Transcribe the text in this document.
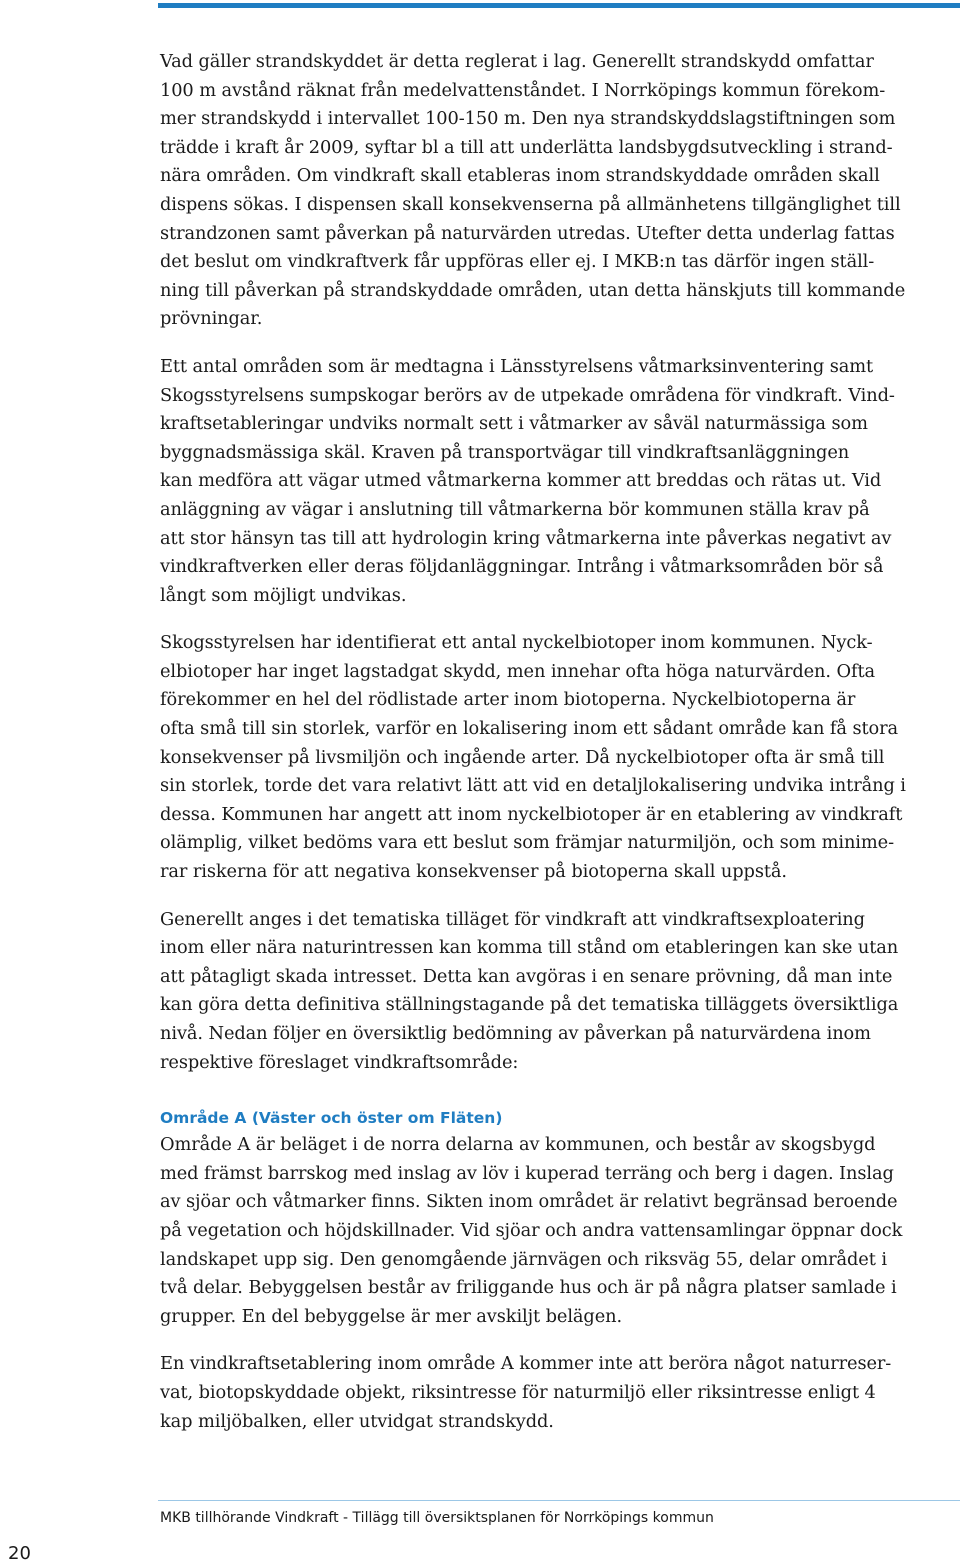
Vad gäller strandskyddet är detta reglerat i lag. Generellt strandskydd omfattar
100 m avstånd räknat från medelvattenståndet. I Norrköpings kommun förekom-
mer strandskydd i intervallet 100-150 m. Den nya strandskyddslagstiftningen som
trädde i kraft år 2009, syftar bl a till att underlätta landsbygdsutveckling i strand-
nära områden. Om vindkraft skall etableras inom strandskyddade områden skall
dispens sökas. I dispensen skall konsekvenserna på allmänhetens tillgänglighet till
strandzonen samt påverkan på naturvärden utredas. Utefter detta underlag fattas
det beslut om vindkraftverk får uppföras eller ej. I MKB:n tas därför ingen ställ-
ning till påverkan på strandskyddade områden, utan detta hänskjuts till kommande
prövningar.

Ett antal områden som är medtagna i Länsstyrelsens våtmarksinventering samt
Skogsstyrelsens sumpskogar berörs av de utpekade områdena för vindkraft. Vind-
kraftsetableringar undviks normalt sett i våtmarker av såväl naturmässiga som
byggnadsmässiga skäl. Kraven på transportvägar till vindkraftsanläggningen
kan medföra att vägar utmed våtmarkerna kommer att breddas och rätas ut. Vid
anläggning av vägar i anslutning till våtmarkerna bör kommunen ställa krav på
att stor hänsyn tas till att hydrologin kring våtmarkerna inte påverkas negativt av
vindkraftverken eller deras följdanläggningar. Intrång i våtmarksområden bör så
långt som möjligt undvikas.

Skogsstyrelsen har identifierat ett antal nyckelbiotoper inom kommunen. Nyck-
elbiotoper har inget lagstadgat skydd, men innehar ofta höga naturvärden. Ofta
förekommer en hel del rödlistade arter inom biotoperna. Nyckelbiotoperna är
ofta små till sin storlek, varför en lokalisering inom ett sådant område kan få stora
konsekvenser på livsmiljön och ingående arter. Då nyckelbiotoper ofta är små till
sin storlek, torde det vara relativt lätt att vid en detaljlokalisering undvika intrång i
dessa. Kommunen har angett att inom nyckelbiotoper är en etablering av vindkraft
olämplig, vilket bedöms vara ett beslut som främjar naturmiljön, och som minime-
rar riskerna för att negativa konsekvenser på biotoperna skall uppstå.

Generellt anges i det tematiska tilläget för vindkraft att vindkraftsexploatering
inom eller nära naturintressen kan komma till stånd om etableringen kan ske utan
att påtagligt skada intresset. Detta kan avgöras i en senare prövning, då man inte
kan göra detta definitiva ställningstagande på det tematiska tilläggets översiktliga
nivå. Nedan följer en översiktlig bedömning av påverkan på naturvärdena inom
respektive föreslaget vindkraftsområde:

Område A (Väster och öster om Fläten)

Område A är beläget i de norra delarna av kommunen, och består av skogsbygd
med främst barrskog med inslag av löv i kuperad terräng och berg i dagen. Inslag
av sjöar och våtmarker finns. Sikten inom området är relativt begränsad beroende
på vegetation och höjdskillnader. Vid sjöar och andra vattensamlingar öppnar dock
landskapet upp sig. Den genomgående järnvägen och riksväg 55, delar området i
två delar. Bebyggelsen består av friliggande hus och är på några platser samlade i
grupper. En del bebyggelse är mer avskiljt belägen.

En vindkraftsetablering inom område A kommer inte att beröra något naturreser-
vat, biotopskyddade objekt, riksintresse för naturmiljö eller riksintresse enligt 4
kap miljöbalken, eller utvidgat strandskydd.

MKB tillhörande Vindkraft - Tillägg till översiktsplanen för Norrköpings kommun
20
